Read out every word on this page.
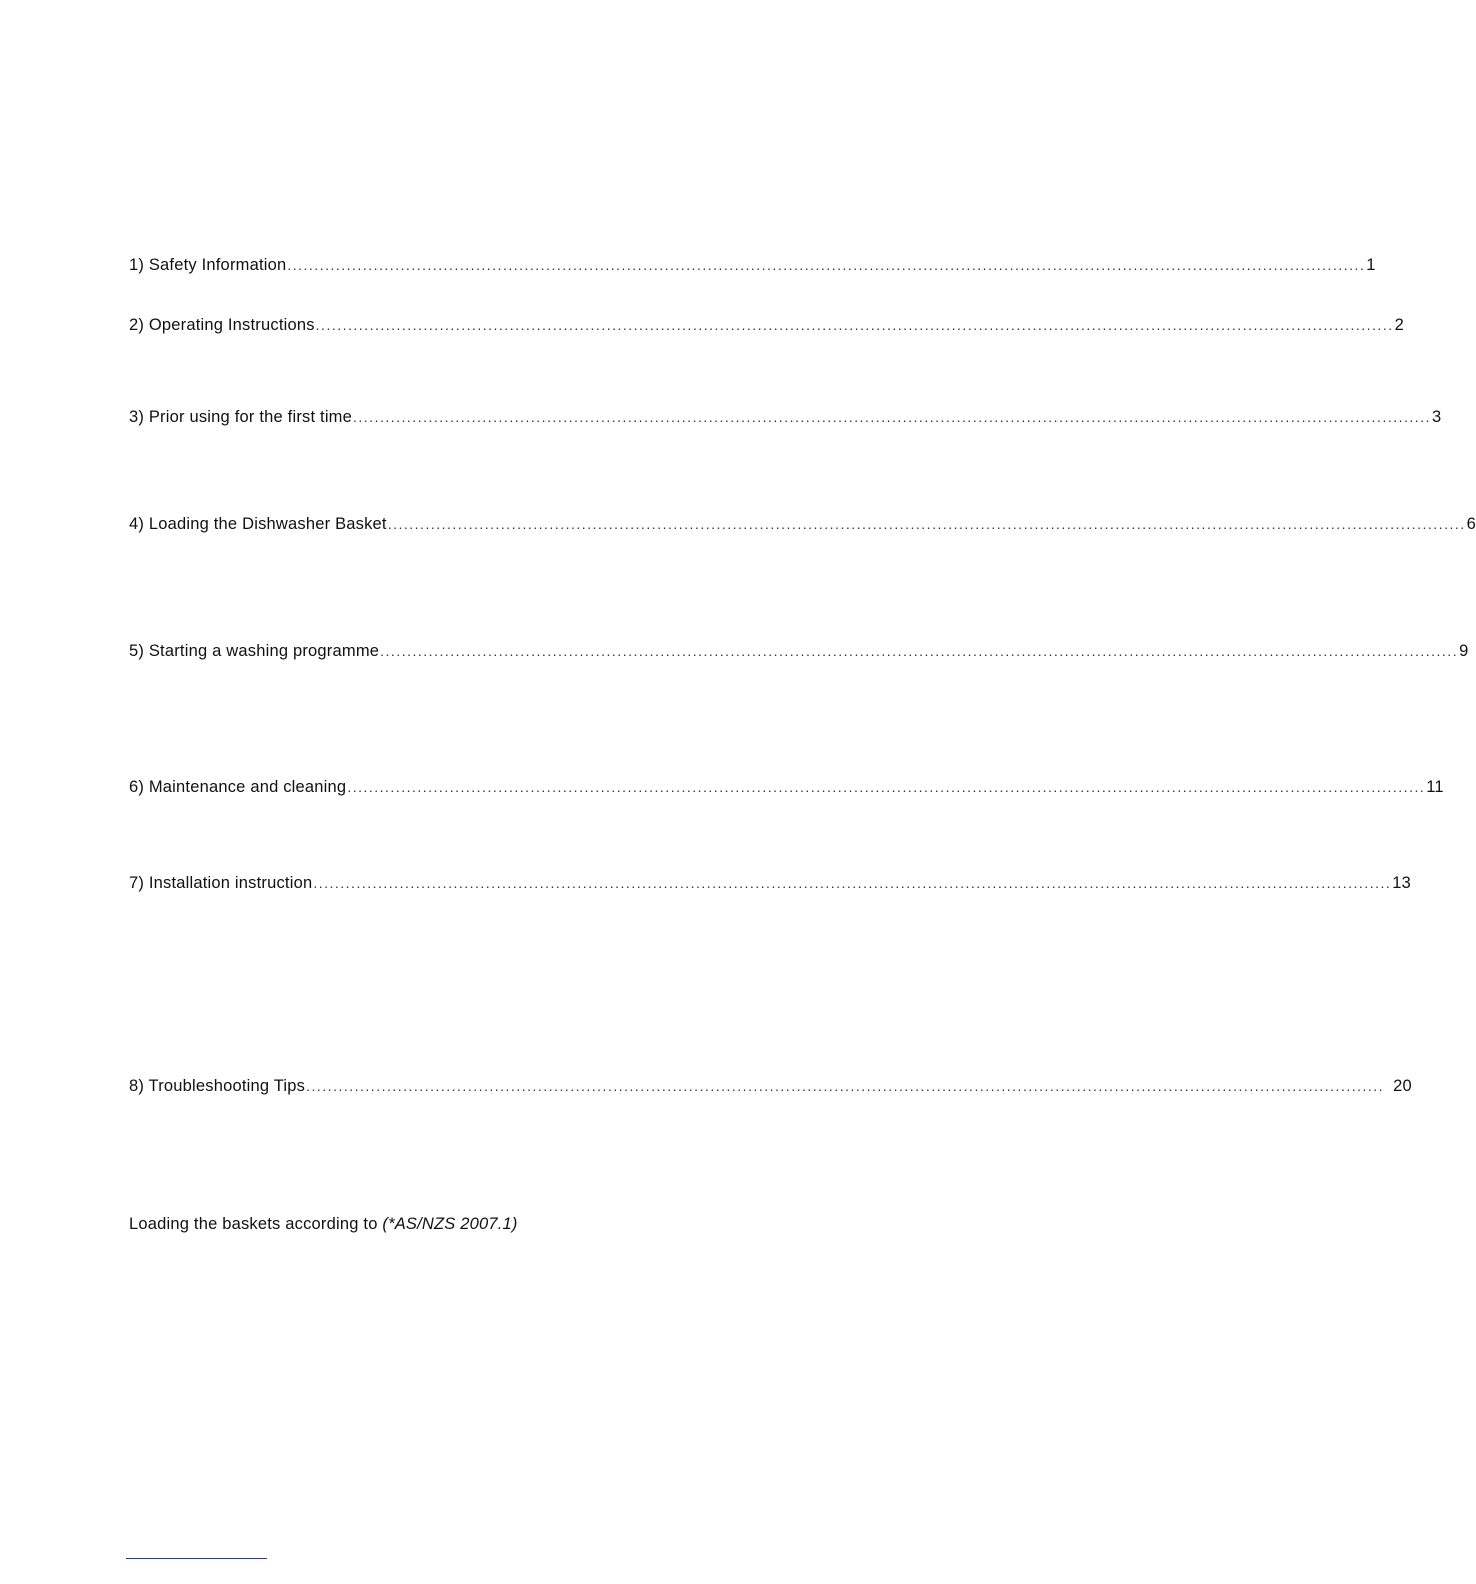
1) Safety Information ........................................................................................................................................................................................................ 1
2) Operating Instructions ........................................................................................................................................................................................................ 2
3) Prior using for the first time ........................................................................................................................................................................................................ 3
4) Loading the Dishwasher Basket ........................................................................................................................................................................................................ 6
5) Starting a washing programme ........................................................................................................................................................................................................ 9
6) Maintenance and cleaning ........................................................................................................................................................................................................ 11
7) Installation instruction ........................................................................................................................................................................................................ 13
8) Troubleshooting Tips ........................................................................................................................................................................................................ 20
Loading the baskets according to (*AS/NZS 2007.1)
